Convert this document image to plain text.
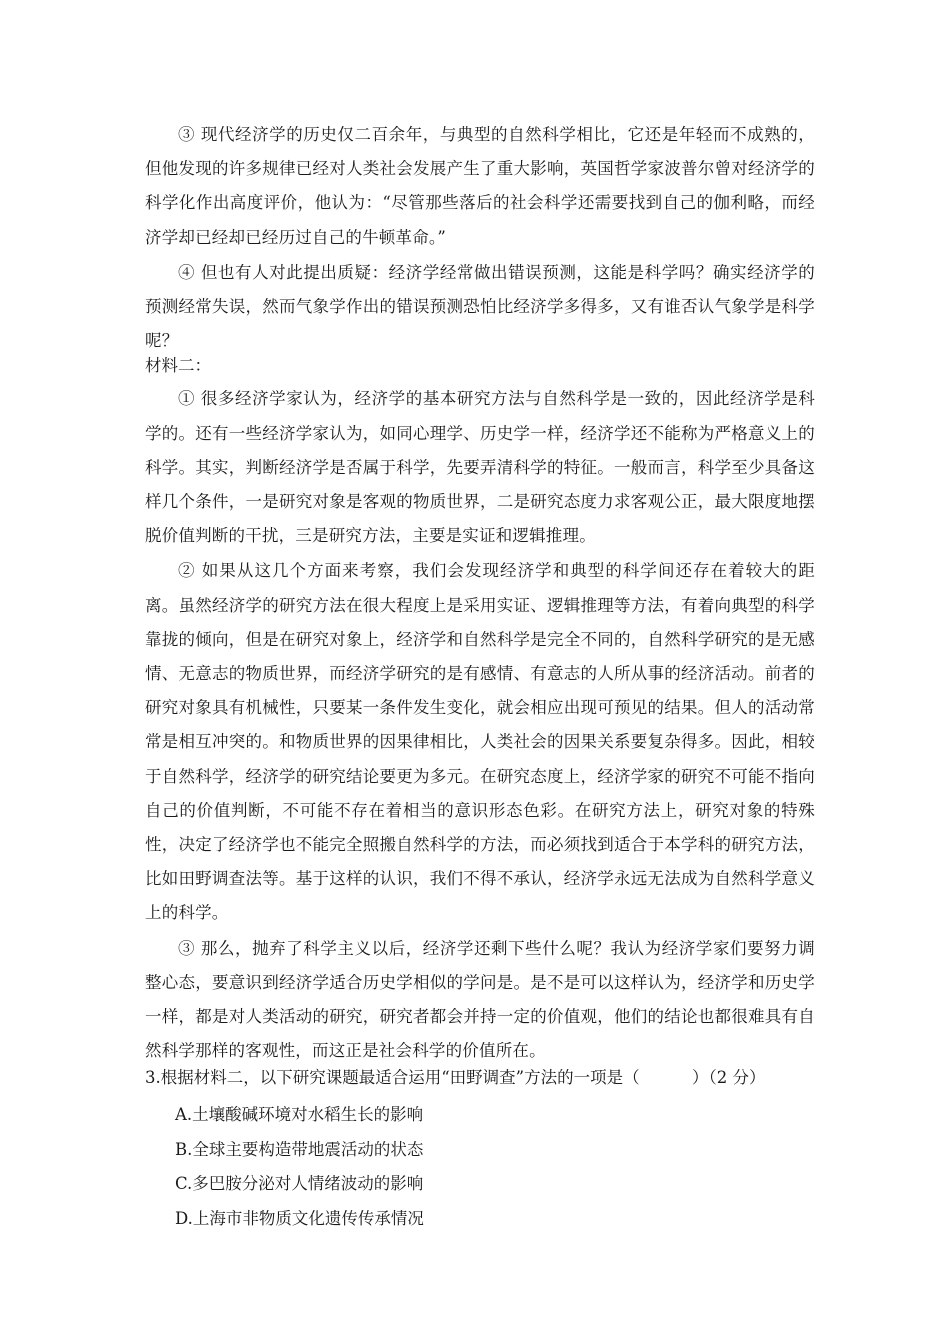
③ 现代经济学的历史仅二百余年，与典型的自然科学相比，它还是年轻而不成熟的，但他发现的许多规律已经对人类社会发展产生了重大影响，英国哲学家波普尔曾对经济学的科学化作出高度评价，他认为：“尽管那些落后的社会科学还需要找到自己的伽利略，而经济学却已经却已经历过自己的牛顿革命。”

④ 但也有人对此提出质疑：经济学经常做出错误预测，这能是科学吗？确实经济学的预测经常失误，然而气象学作出的错误预测恐怕比经济学多得多，又有谁否认气象学是科学呢？

材料二：

① 很多经济学家认为，经济学的基本研究方法与自然科学是一致的，因此经济学是科学的。还有一些经济学家认为，如同心理学、历史学一样，经济学还不能称为严格意义上的科学。其实，判断经济学是否属于科学，先要弄清科学的特征。一般而言，科学至少具备这样几个条件，一是研究对象是客观的物质世界，二是研究态度力求客观公正，最大限度地摆脱价值判断的干扰，三是研究方法，主要是实证和逻辑推理。

② 如果从这几个方面来考察，我们会发现经济学和典型的科学间还存在着较大的距离。虽然经济学的研究方法在很大程度上是采用实证、逻辑推理等方法，有着向典型的科学靠拢的倾向，但是在研究对象上，经济学和自然科学是完全不同的，自然科学研究的是无感情、无意志的物质世界，而经济学研究的是有感情、有意志的人所从事的经济活动。前者的研究对象具有机械性，只要某一条件发生变化，就会相应出现可预见的结果。但人的活动常常是相互冲突的。和物质世界的因果律相比，人类社会的因果关系要复杂得多。因此，相较于自然科学，经济学的研究结论要更为多元。在研究态度上，经济学家的研究不可能不指向自己的价值判断，不可能不存在着相当的意识形态色彩。在研究方法上，研究对象的特殊性，决定了经济学也不能完全照搬自然科学的方法，而必须找到适合于本学科的研究方法，比如田野调查法等。基于这样的认识，我们不得不承认，经济学永远无法成为自然科学意义上的科学。

③ 那么，抛弃了科学主义以后，经济学还剩下些什么呢？我认为经济学家们要努力调整心态，要意识到经济学适合历史学相似的学问是。是不是可以这样认为，经济学和历史学一样，都是对人类活动的研究，研究者都会并持一定的价值观，他们的结论也都很难具有自然科学那样的客观性，而这正是社会科学的价值所在。

3.根据材料二，以下研究课题最适合运用“田野调查”方法的一项是（          ）（2 分）

A.土壤酸碱环境对水稻生长的影响
B.全球主要构造带地震活动的状态
C.多巴胺分泌对人情绪波动的影响
D.上海市非物质文化遗传传承情况
